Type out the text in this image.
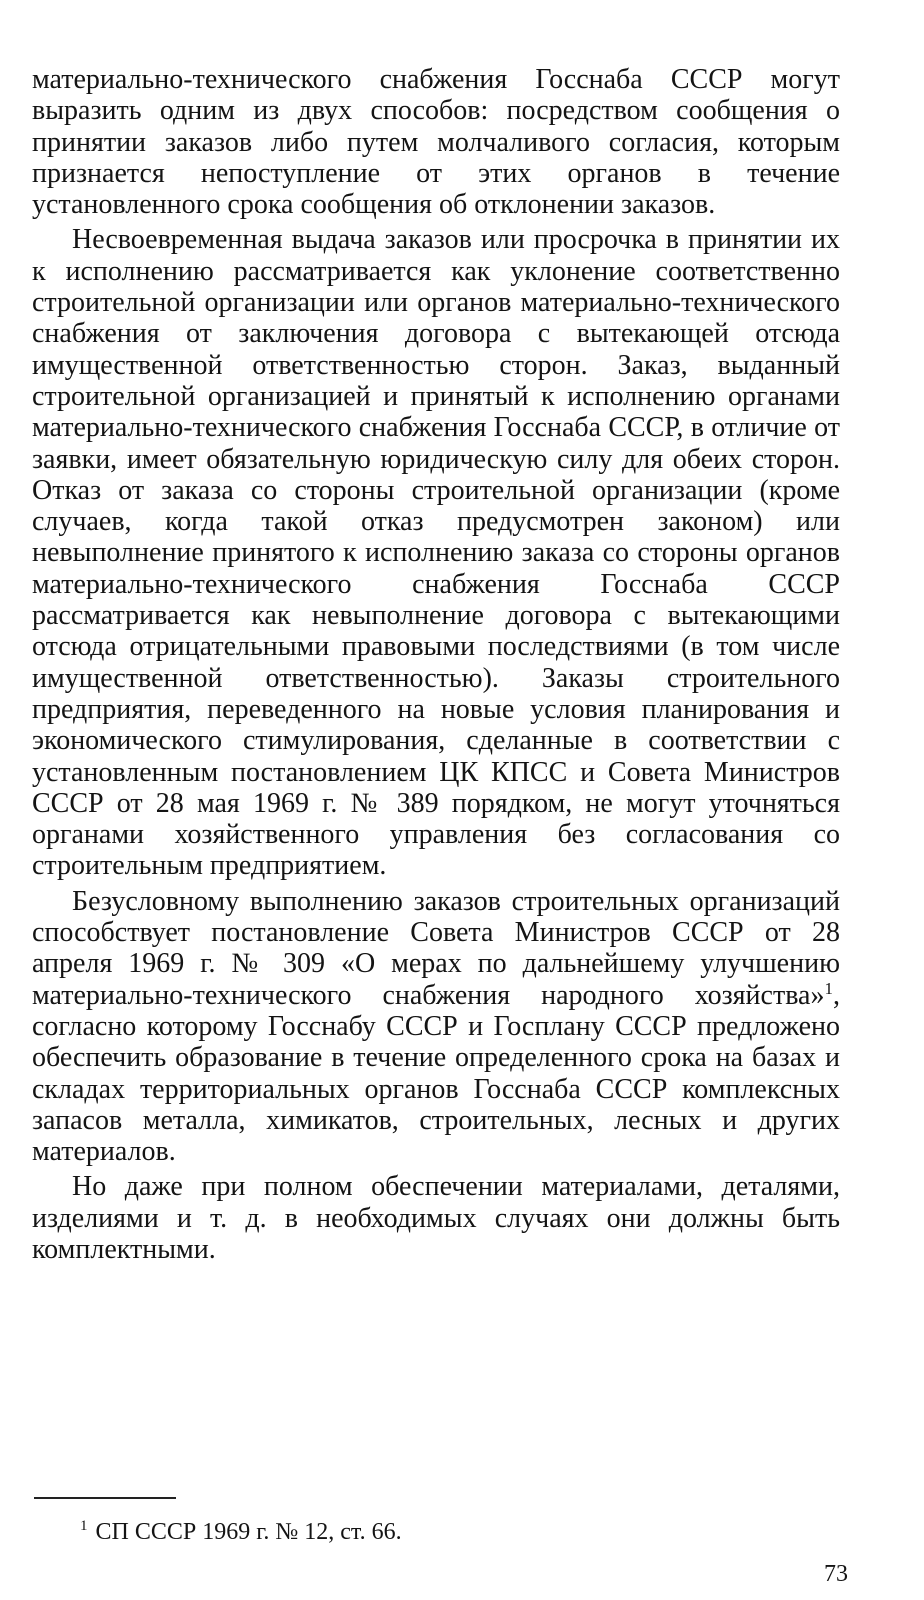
материально-технического снабжения Госснаба СССР могут выразить одним из двух способов: посредством сообщения о принятии заказов либо путем молчаливого согласия, которым признается непоступление от этих органов в течение установленного срока сообщения об отклонении заказов.

Несвоевременная выдача заказов или просрочка в принятии их к исполнению рассматривается как уклонение соответственно строительной организации или органов материально-технического снабжения от заключения договора с вытекающей отсюда имущественной ответственностью сторон. Заказ, выданный строительной организацией и принятый к исполнению органами материально-технического снабжения Госснаба СССР, в отличие от заявки, имеет обязательную юридическую силу для обеих сторон. Отказ от заказа со стороны строительной организации (кроме случаев, когда такой отказ предусмотрен законом) или невыполнение принятого к исполнению заказа со стороны органов материально-технического снабжения Госснаба СССР рассматривается как невыполнение договора с вытекающими отсюда отрицательными правовыми последствиями (в том числе имущественной ответственностью). Заказы строительного предприятия, переведенного на новые условия планирования и экономического стимулирования, сделанные в соответствии с установленным постановлением ЦК КПСС и Совета Министров СССР от 28 мая 1969 г. № 389 порядком, не могут уточняться органами хозяйственного управления без согласования со строительным предприятием.

Безусловному выполнению заказов строительных организаций способствует постановление Совета Министров СССР от 28 апреля 1969 г. № 309 «О мерах по дальнейшему улучшению материально-технического снабжения народного хозяйства»$^1$, согласно которому Госснабу СССР и Госплану СССР предложено обеспечить образование в течение определенного срока на базах и складах территориальных органов Госснаба СССР комплексных запасов металла, химикатов, строительных, лесных и других материалов.

Но даже при полном обеспечении материалами, деталями, изделиями и т. д. в необходимых случаях они должны быть комплектными.

$^1$ СП СССР 1969 г. № 12, ст. 66.
73
